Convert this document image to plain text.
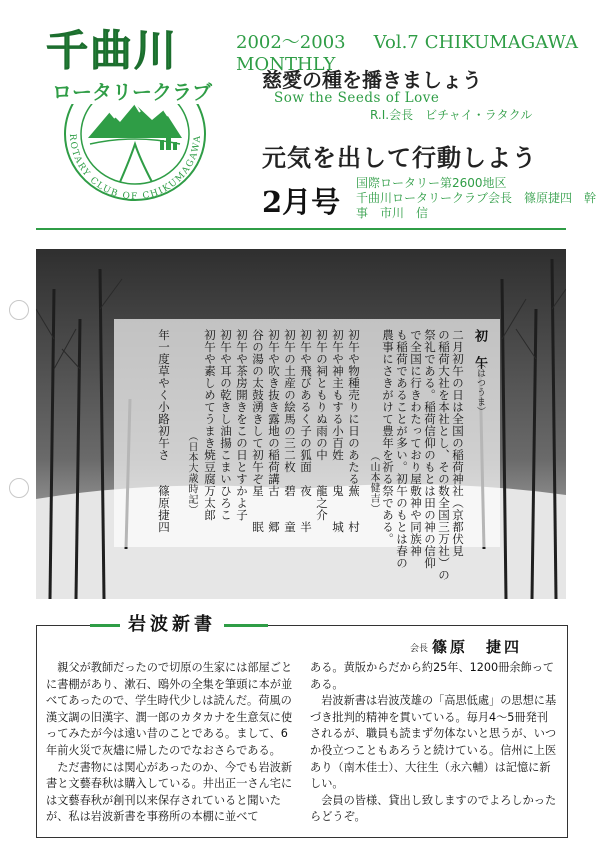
千曲川
ロータリークラブ
ROTARY CLUB OF CHIKUMAGAWA
2002～2003 Vol.7 CHIKUMAGAWA MONTHLY
慈愛の種を播きましょう
Sow the Seeds of Love
R.I.会長　ビチャイ・ラタクル
元気を出して行動しよう
2月号
国際ロータリー第2600地区
千曲川ロータリークラブ会長　篠原捷四　幹事　市川　信
初　午
（はつうま）
二月初午の日は全国の稲荷神社（京都伏見
の稲荷大社を本社とし、その数全国三万社）の
祭礼である。稲荷信仰のもとは田の神の信仰
で全国に行きわたっており屋敷神や同族神
も稲荷であることが多い。初午のもとは春の
農事にさきがけて豊年を祈る祭である。
（山本健吉）
初午や物種売りに日のあたる
蕪　　村
初午や神主もする小百姓
鬼　　城
初午の祠ともりぬ雨の中
龍之介
初午や飛びあるく子の狐面
夜　　半
初午の土産の絵馬の三二枚
碧　　童
初午や吹き抜き露地の稲荷講
古　　郷
谷の湯の太鼓湧きして初午ぞ
星　　眠
初午や茶房開きをこの日とす
かよ子
初午や耳の乾きし油揚こまい
ひろこ
初午や素しめてうまき焼豆腐
万太郎
（日本大歳時記）
年一度草やく小路初午さ
篠原捷四
岩波新書
会長 篠原　捷四

親父が教師だったので切原の生家には部屋ごとに書棚があり、漱石、鴎外の全集を筆頭に本が並べてあったので、学生時代少しは読んだ。荷風の漢文調の旧漢字、潤一郎のカタカナを生意気に使ってみたが今は遠い昔のことである。まして、6年前火災で灰燼に帰したのでなおさらである。

ただ書物には関心があったのか、今でも岩波新書と文藝春秋は購入している。井出正一さん宅には文藝春秋が創刊以来保存されていると聞いたが、私は岩波新書を事務所の本棚に並べて

ある。黄版からだから約25年、1200冊余飾ってある。

岩波新書は岩波茂雄の「高思低處」の思想に基づき批判的精神を貫いている。毎月4～5冊発刊されるが、職員も読まず勿体ないと思うが、いつか役立つこともあろうと続けている。信州に上医あり（南木佳士）、大往生（永六輔）は記憶に新しい。

会員の皆様、貸出し致しますのでよろしかったらどうぞ。
